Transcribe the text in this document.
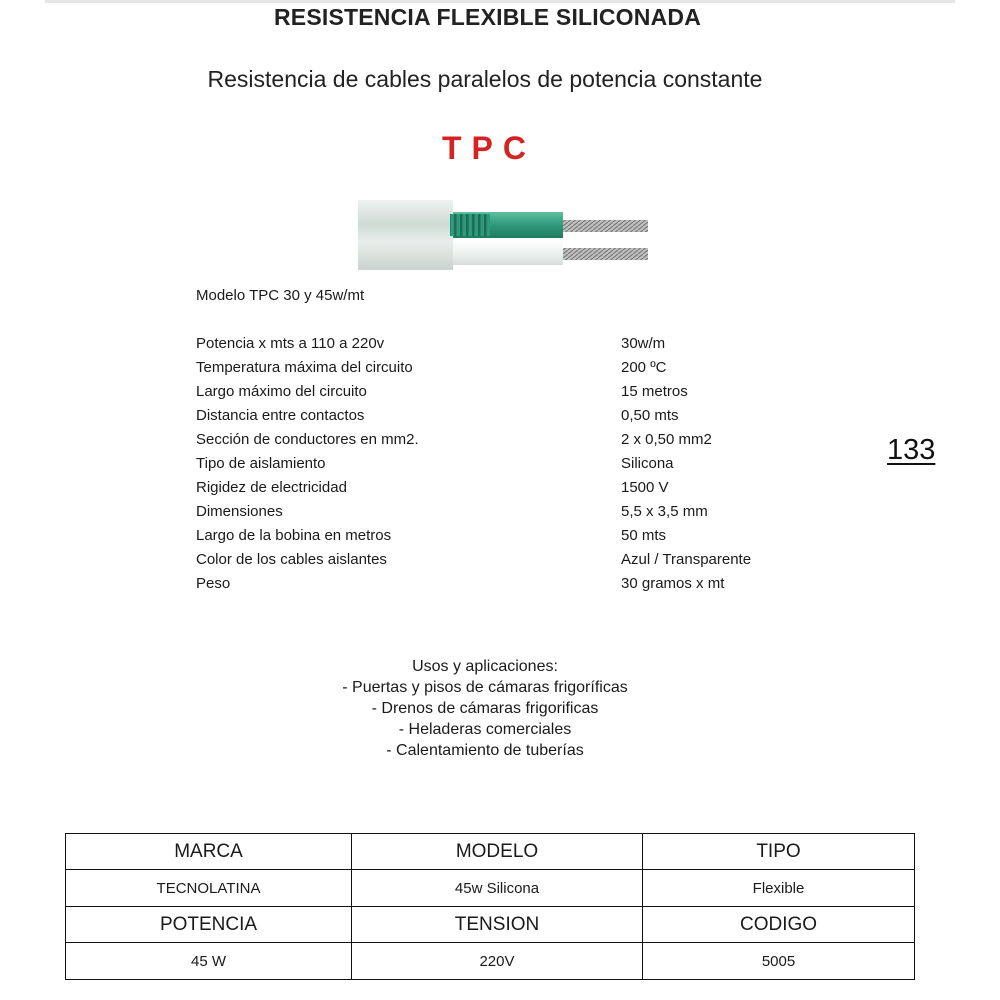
RESISTENCIA FLEXIBLE SILICONADA
Resistencia de cables paralelos de potencia constante
TPC
Modelo TPC 30 y 45w/mt
Potencia x mts a 110 a 220v	30w/m
Temperatura máxima del circuito	200 ºC
Largo máximo del circuito	15 metros
Distancia entre contactos	0,50 mts
Sección de conductores en mm2.	2 x 0,50 mm2
Tipo de aislamiento	Silicona
Rigidez de electricidad	1500 V
Dimensiones	5,5 x 3,5 mm
Largo de la bobina en metros	50 mts
Color de los cables aislantes	Azul / Transparente
Peso	30 gramos x mt
133
Usos y aplicaciones:
- Puertas y pisos de cámaras frigoríficas
- Drenos de cámaras frigorificas
- Heladeras comerciales
- Calentamiento de tuberías
MARCA	MODELO	TIPO
TECNOLATINA	45w Silicona	Flexible
POTENCIA	TENSION	CODIGO
45 W	220V	5005
